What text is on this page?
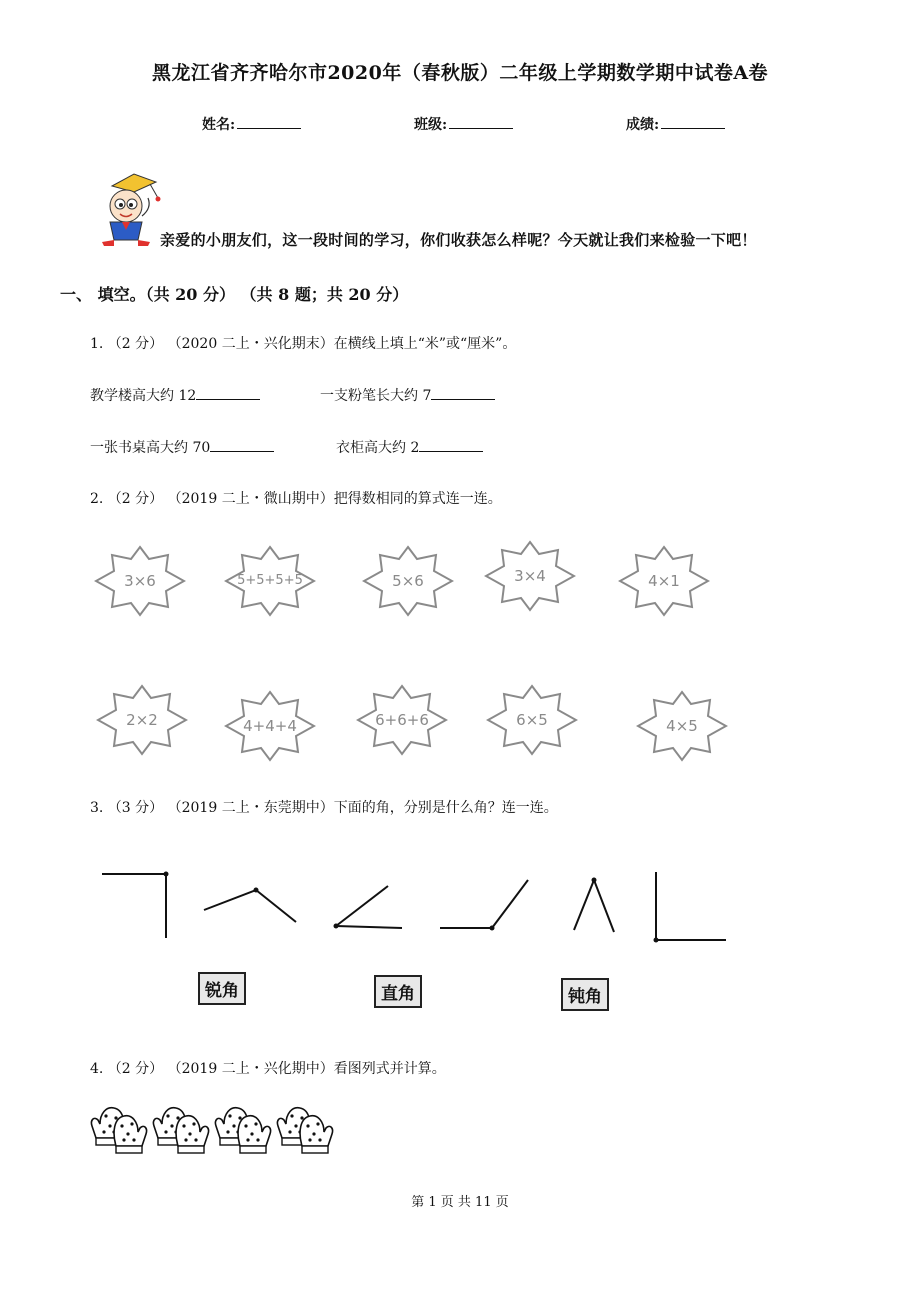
黑龙江省齐齐哈尔市2020年（春秋版）二年级上学期数学期中试卷A卷
姓名:	班级:	成绩:
亲爱的小朋友们，这一段时间的学习，你们收获怎么样呢？今天就让我们来检验一下吧！
一、 填空。（共 20 分） （共 8 题；共 20 分）
1. （2 分） （2020 二上・兴化期末）在横线上填上“米”或“厘米”。
教学楼高大约 12	一支粉笔长大约 7
一张书桌高大约 70	衣柜高大约 2
2. （2 分） （2019 二上・微山期中）把得数相同的算式连一连。
3×6	5+5+5+5	5×6	3×4	4×1
2×2	4+4+4	6+6+6	6×5	4×5
3. （3 分） （2019 二上・东莞期中）下面的角，分别是什么角？连一连。
锐角	直角	钝角
4. （2 分） （2019 二上・兴化期中）看图列式并计算。
第 1 页 共 11 页
